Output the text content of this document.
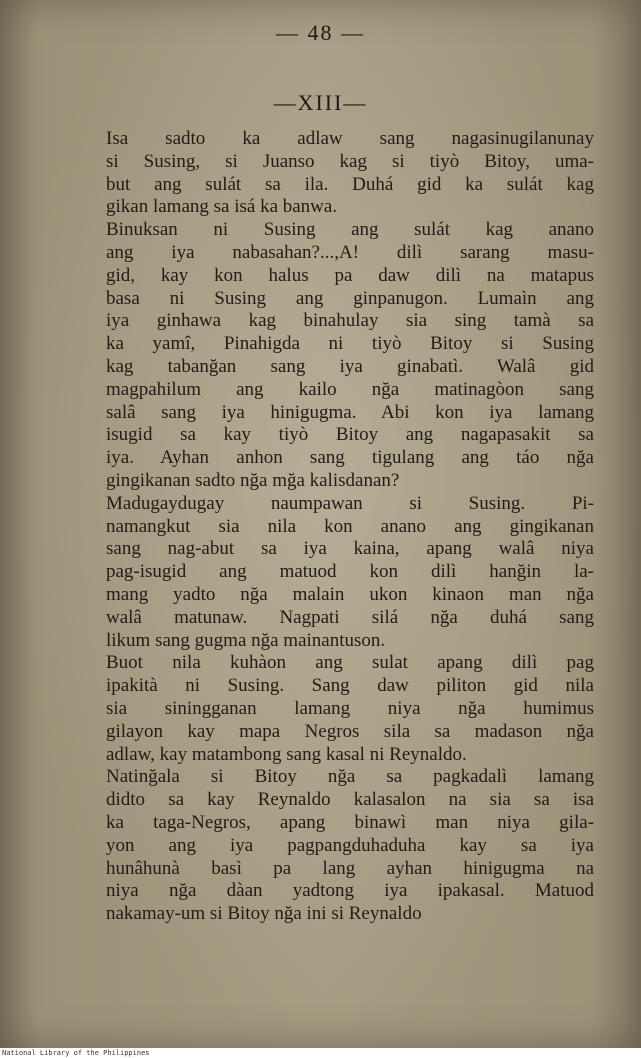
— 48 —
—XIII—
Isa sadto ka adlaw sang nagasinugilanunay
si Susing, si Juanso kag si tiyò Bitoy, uma-
but ang sulát sa ila. Duhá gid ka sulát kag
gikan lamang sa isá ka banwa.
Binuksan ni Susing ang sulát kag anano
ang iya nabasahan?...,A! dilì sarang masu-
gid, kay kon halus pa daw dilì na matapus
basa ni Susing ang ginpanugon. Lumaìn ang
iya ginhawa kag binahulay sia sing tamà sa
ka yamî, Pinahigda ni tiyò Bitoy si Susing
kag tabanğan sang iya ginabatì. Walâ gid
magpahilum ang kailo nğa matinagòon sang
salâ sang iya hinigugma. Abi kon iya lamang
isugid sa kay tiyò Bitoy ang nagapasakit sa
iya. Ayhan anhon sang tigulang ang táo nğa
gingikanan sadto nğa mğa kalisdanan?
Madugaydugay naumpawan si Susing. Pi-
namangkut sia nila kon anano ang gingikanan
sang nag-abut sa iya kaina, apang walâ niya
pag-isugid ang matuod kon dilì hanğin la-
mang yadto nğa malain ukon kinaon man nğa
walâ matunaw. Nagpati silá nğa duhá sang
likum sang gugma nğa mainantuson.
Buot nila kuhàon ang sulat apang dilì pag
ipakità ni Susing. Sang daw piliton gid nila
sia siningganan lamang niya nğa humimus
gilayon kay mapa Negros sila sa madason nğa
adlaw, kay matambong sang kasal ni Reynaldo.
Natinğala si Bitoy nğa sa pagkadalì lamang
didto sa kay Reynaldo kalasalon na sia sa isa
ka taga-Negros, apang binawì man niya gila-
yon ang iya pagpangduhaduha kay sa iya
hunâhunà basì pa lang ayhan hinigugma na
niya nğa dàan yadtong iya ipakasal. Matuod
nakamay-um si Bitoy nğa ini si Reynaldo
National Library of the Philippines
